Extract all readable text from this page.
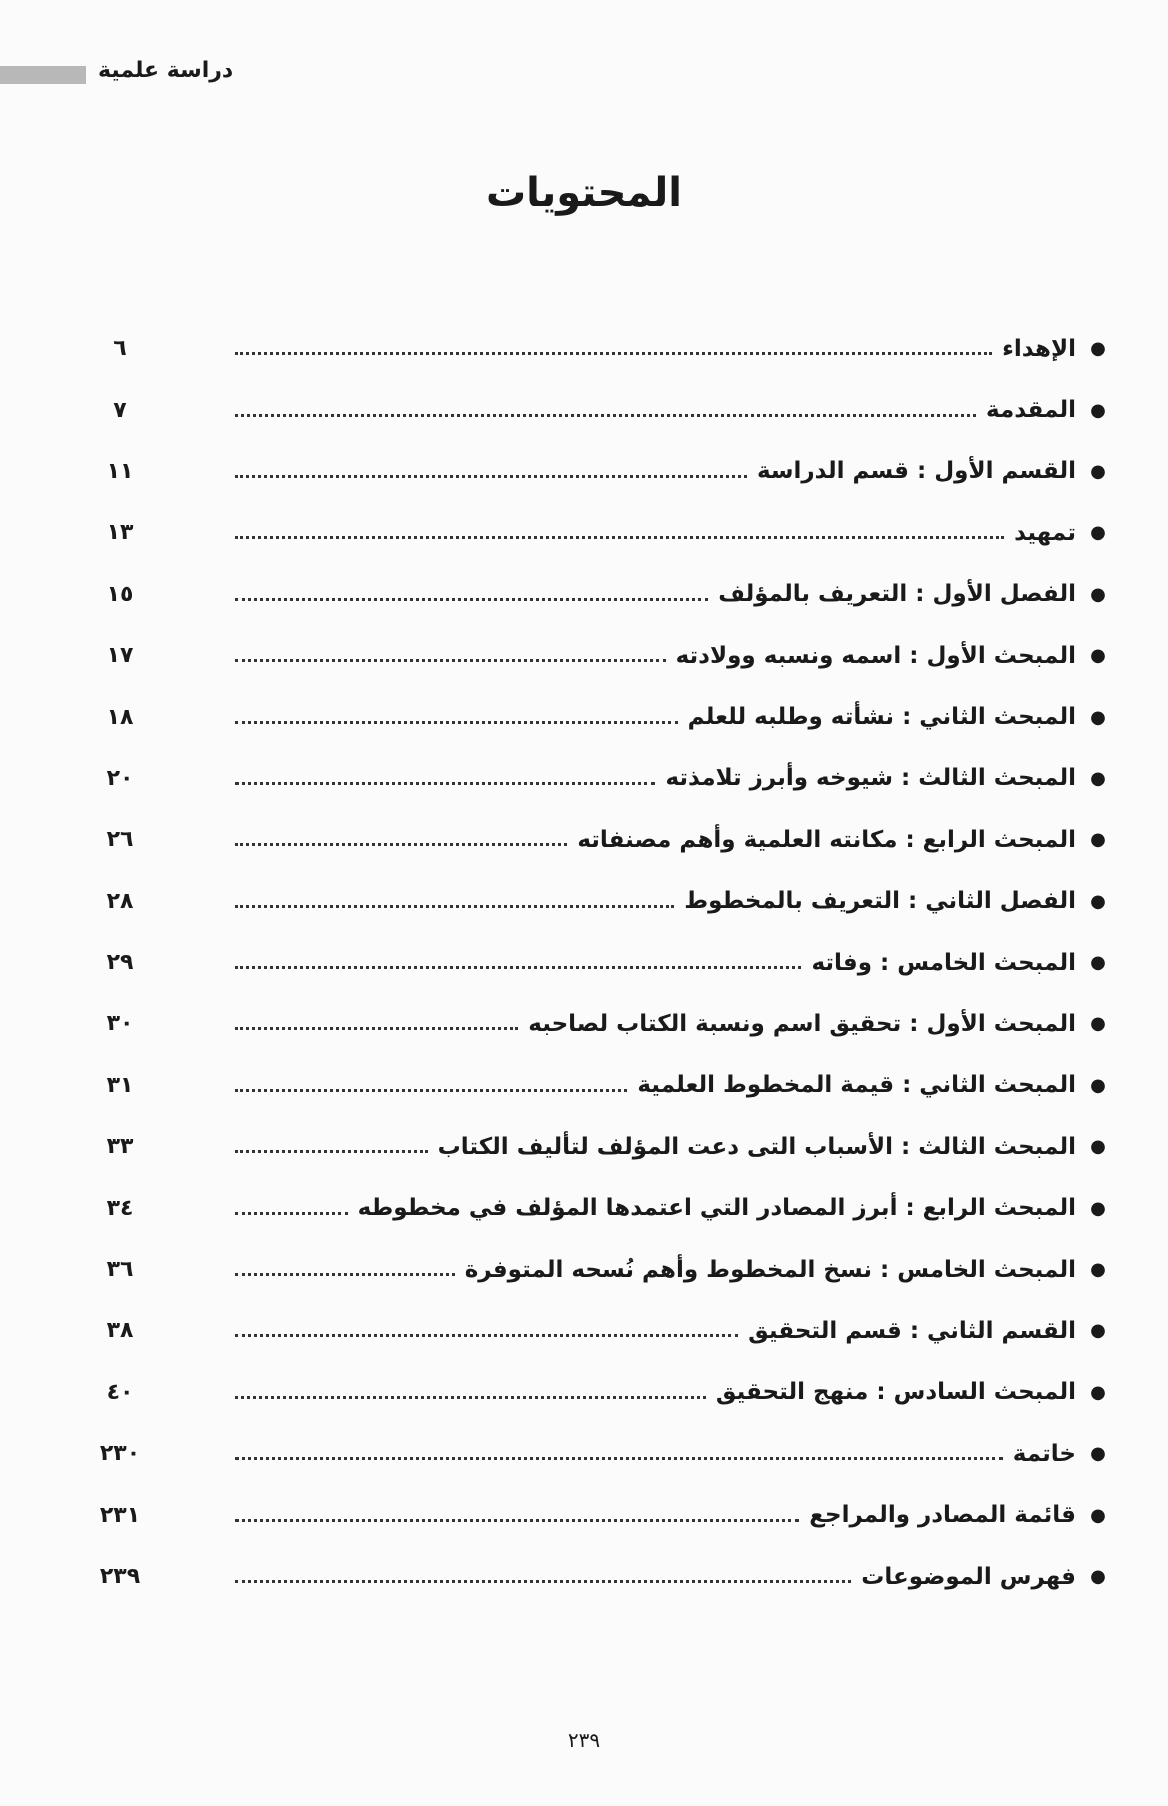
دراسة علمية
المحتويات
●
الإهداء
٦
●
المقدمة
٧
●
القسم الأول : قسم الدراسة
١١
●
تمهيد
١٣
●
الفصل الأول : التعريف بالمؤلف
١٥
●
المبحث الأول : اسمه ونسبه وولادته
١٧
●
المبحث الثاني : نشأته وطلبه للعلم
١٨
●
المبحث الثالث : شيوخه وأبرز تلامذته
٢٠
●
المبحث الرابع : مكانته العلمية وأهم مصنفاته
٢٦
●
الفصل الثاني : التعريف بالمخطوط
٢٨
●
المبحث الخامس : وفاته
٢٩
●
المبحث الأول : تحقيق اسم ونسبة الكتاب لصاحبه
٣٠
●
المبحث الثاني : قيمة المخطوط العلمية
٣١
●
المبحث الثالث : الأسباب التى دعت المؤلف لتأليف الكتاب
٣٣
●
المبحث الرابع : أبرز المصادر التي اعتمدها المؤلف في مخطوطه
٣٤
●
المبحث الخامس : نسخ المخطوط وأهم نُسحه المتوفرة
٣٦
●
القسم الثاني : قسم التحقيق
٣٨
●
المبحث السادس : منهج التحقيق
٤٠
●
خاتمة
٢٣٠
●
قائمة المصادر والمراجع
٢٣١
●
فهرس الموضوعات
٢٣٩
٢٣٩
